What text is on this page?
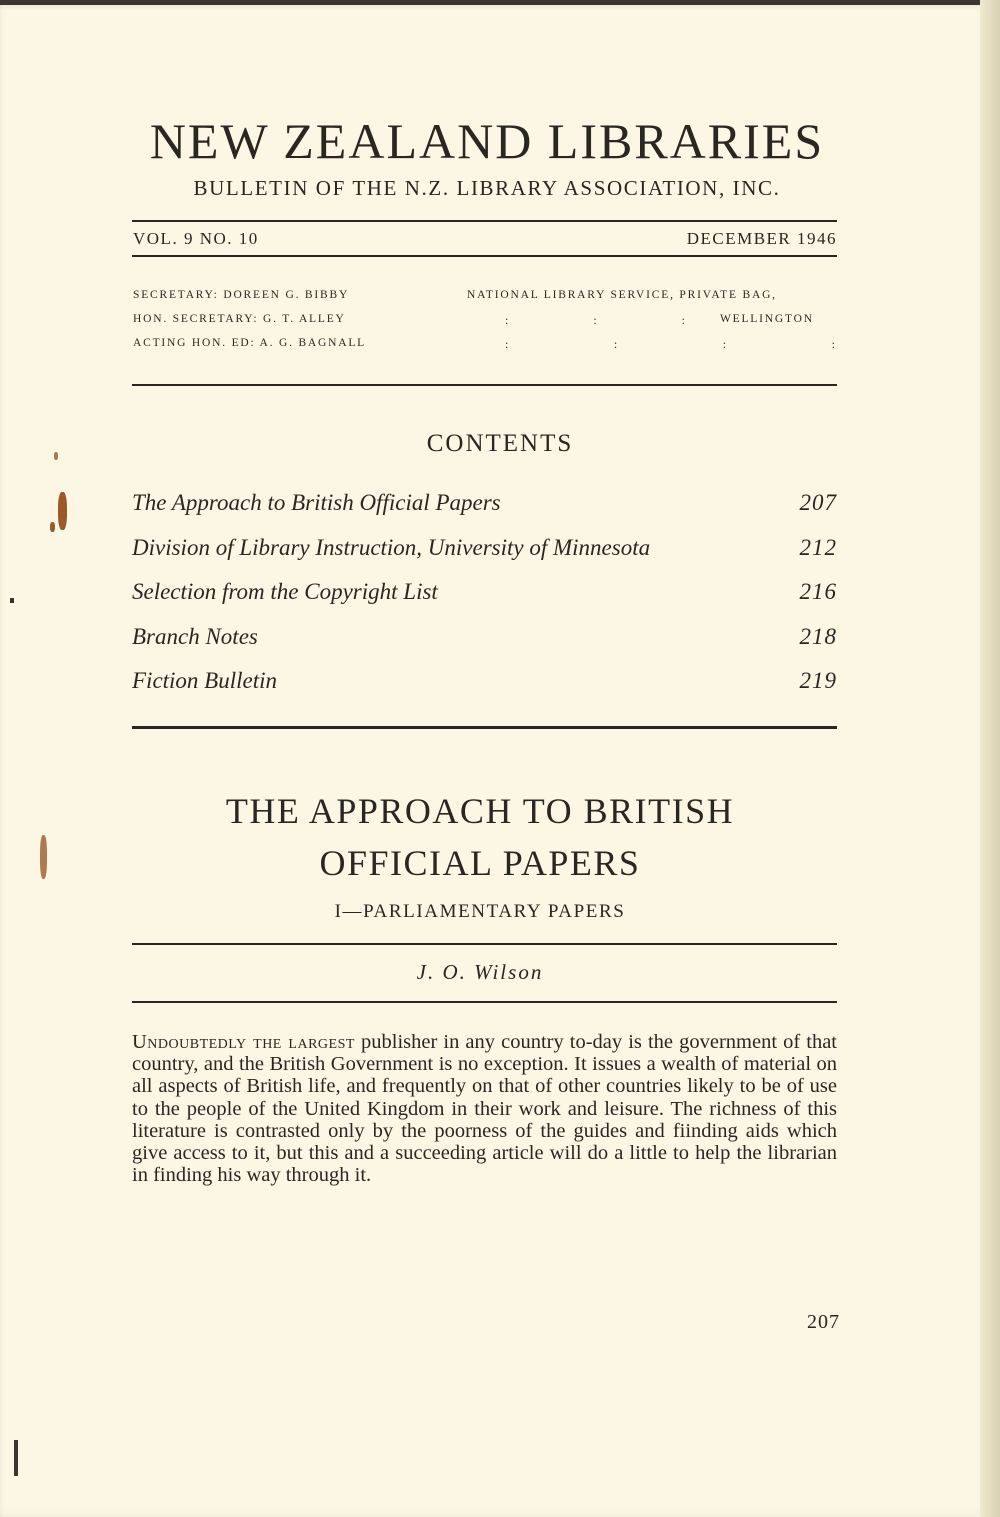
NEW ZEALAND LIBRARIES
BULLETIN OF THE N.Z. LIBRARY ASSOCIATION, INC.
VOL. 9 NO. 10	DECEMBER 1946
SECRETARY: DOREEN G. BIBBY
HON. SECRETARY: G. T. ALLEY
ACTING HON. ED: A. G. BAGNALL
NATIONAL LIBRARY SERVICE, PRIVATE BAG,
:	:	:	WELLINGTON
:	:	:	:
CONTENTS
The Approach to British Official Papers	207
Division of Library Instruction, University of Minnesota	212
Selection from the Copyright List	216
Branch Notes	218
Fiction Bulletin	219
THE APPROACH TO BRITISH
OFFICIAL PAPERS
I—PARLIAMENTARY PAPERS
J. O. Wilson
Undoubtedly the largest publisher in any country to-day is the government of that country, and the British Government is no exception. It issues a wealth of material on all aspects of British life, and frequently on that of other countries likely to be of use to the people of the United Kingdom in their work and leisure. The richness of this literature is contrasted only by the poorness of the guides and fiinding aids which give access to it, but this and a succeeding article will do a little to help the librarian in finding his way through it.
207
